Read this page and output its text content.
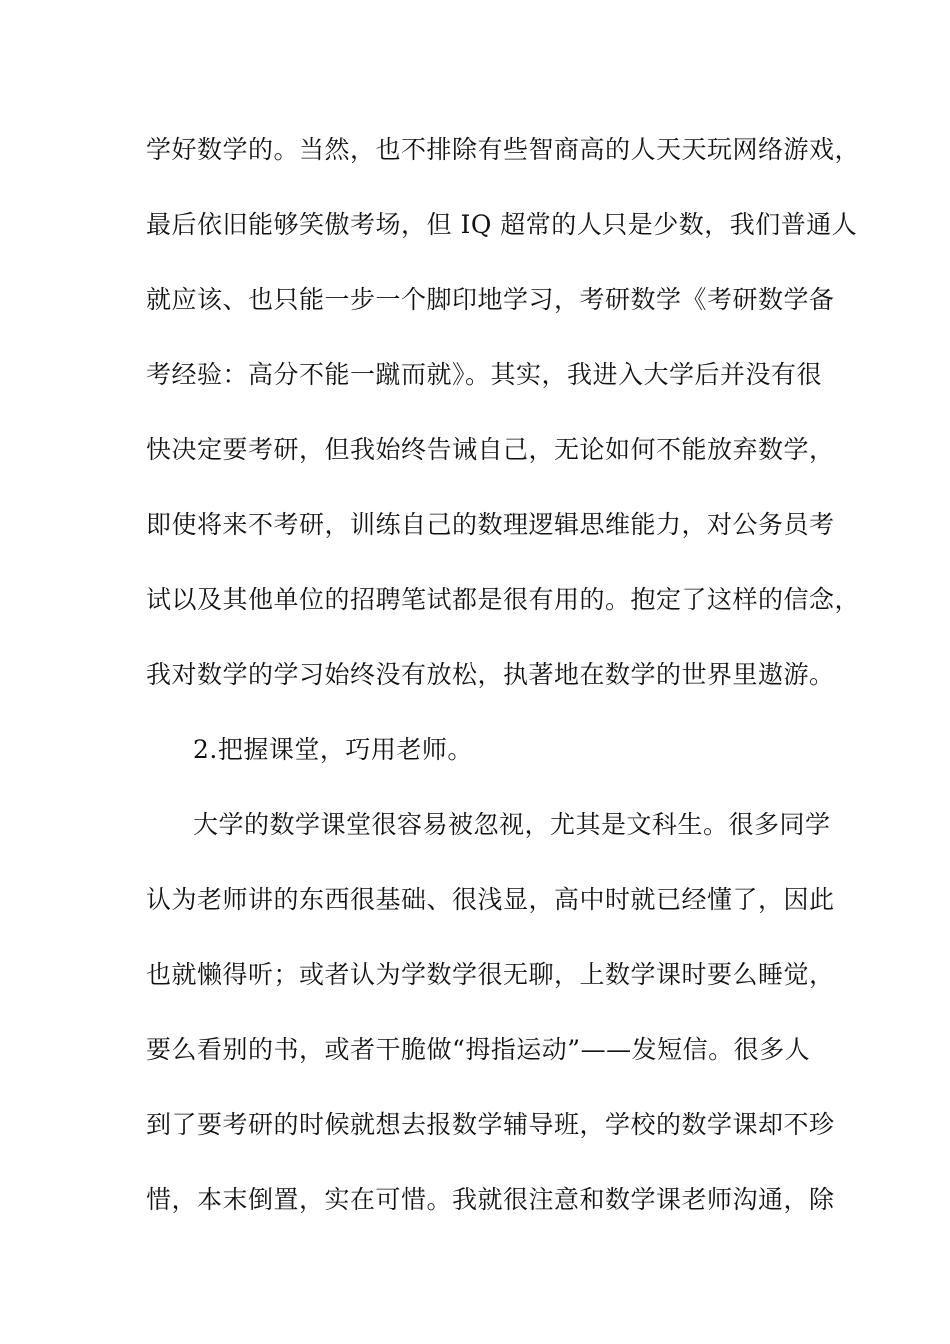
学好数学的。当然，也不排除有些智商高的人天天玩网络游戏，
最后依旧能够笑傲考场，但 IQ 超常的人只是少数，我们普通人
就应该、也只能一步一个脚印地学习，考研数学《考研数学备
考经验：高分不能一蹴而就》。其实，我进入大学后并没有很
快决定要考研，但我始终告诫自己，无论如何不能放弃数学，
即使将来不考研，训练自己的数理逻辑思维能力，对公务员考
试以及其他单位的招聘笔试都是很有用的。抱定了这样的信念，
我对数学的学习始终没有放松，执著地在数学的世界里遨游。
2.把握课堂，巧用老师。
大学的数学课堂很容易被忽视，尤其是文科生。很多同学
认为老师讲的东西很基础、很浅显，高中时就已经懂了，因此
也就懒得听；或者认为学数学很无聊，上数学课时要么睡觉，
要么看别的书，或者干脆做“拇指运动”——发短信。很多人
到了要考研的时候就想去报数学辅导班，学校的数学课却不珍
惜，本末倒置，实在可惜。我就很注意和数学课老师沟通，除
